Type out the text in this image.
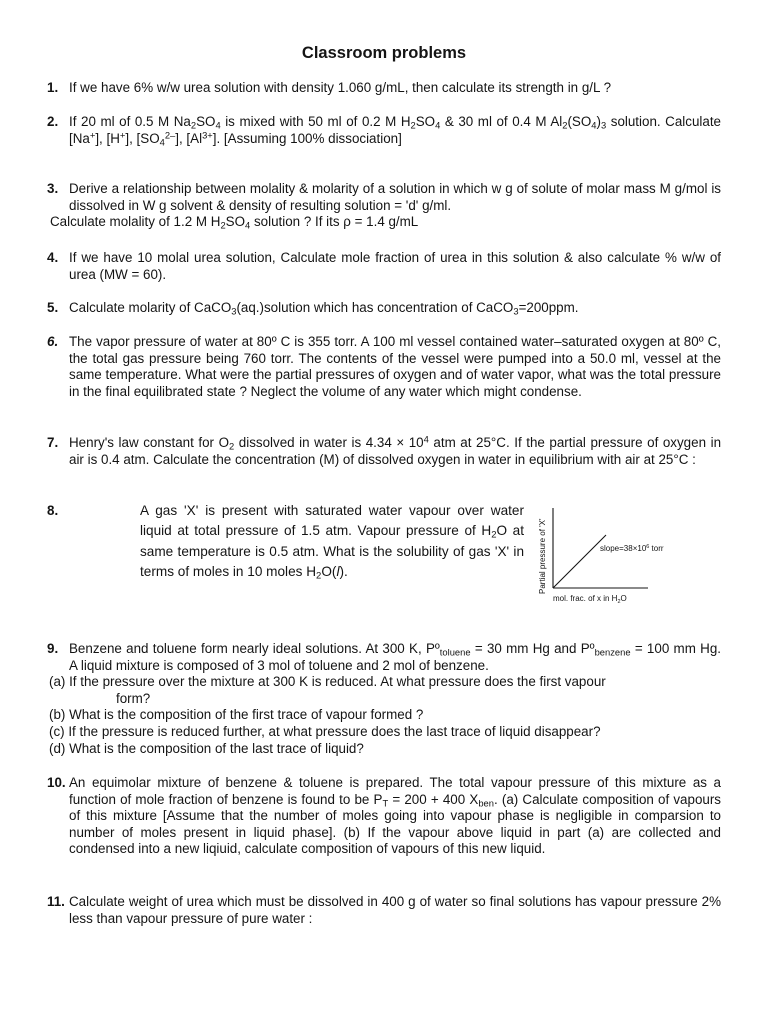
Classroom problems
1. If we have 6% w/w urea solution with density 1.060 g/mL, then calculate its strength in g/L ?
2. If 20 ml of 0.5 M $Na_2SO_4$ is mixed with 50 ml of 0.2 M $H_2SO_4$ & 30 ml of 0.4 M $Al_2(SO_4)_3$ solution. Calculate [Na+], [H+], $[SO_4^{2-}]$, $[Al^{3+}]$. [Assuming 100% dissociation]
3. Derive a relationship between molality & molarity of a solution in which w g of solute of molar mass M g/mol is dissolved in W g solvent & density of resulting solution = 'd' g/ml.
Calculate molality of 1.2 M $H_2SO_4$ solution ? If its ρ = 1.4 g/mL
4. If we have 10 molal urea solution, Calculate mole fraction of urea in this solution & also calculate % w/w of urea (MW = 60).
5. Calculate molarity of CaCO$_3$(aq.)solution which has concentration of CaCO$_3$=200ppm.
6. The vapor pressure of water at 80º C is 355 torr. A 100 ml vessel contained water–saturated oxygen at 80º C, the total gas pressure being 760 torr. The contents of the vessel were pumped into a 50.0 ml, vessel at the same temperature. What were the partial pressures of oxygen and of water vapor, what was the total pressure in the final equilibrated state ? Neglect the volume of any water which might condense.
7. Henry's law constant for $O_2$ dissolved in water is $4.34 \times 10^4$ atm at 25°C. If the partial pressure of oxygen in air is 0.4 atm. Calculate the concentration (M) of dissolved oxygen in water in equilibrium with air at 25°C :
8.	A gas 'X' is present with saturated water vapour over water liquid at total pressure of 1.5 atm. Vapour pressure of $H_2O$ at same temperature is 0.5 atm. What is the solubility of gas 'X' in terms of moles in 10 moles $H_2O(l)$.	Partial pressure of 'X'	$slope=38\times 10^6$ torr
mol. frac. of x in $H_2O$
9. Benzene and toluene form nearly ideal solutions. At 300 K, Pº$_{toluene}$ = 30 mm Hg and Pº$_{benzene}$ = 100 mm Hg. A liquid mixture is composed of 3 mol of toluene and 2 mol of benzene.
(a) If the pressure over the mixture at 300 K is reduced. At what pressure does the first vapour
form?
(b) What is the composition of the first trace of vapour formed ?
(c) If the pressure is reduced further, at what pressure does the last trace of liquid disappear?
(d) What is the composition of the last trace of liquid?
10. An equimolar mixture of benzene & toluene is prepared. The total vapour pressure of this mixture as a function of mole fraction of benzene is found to be $P_T = 200 + 400$ $X_{ben}$. (a) Calculate composition of vapours of this mixture [Assume that the number of moles going into vapour phase is negligible in comparsion to number of moles present in liquid phase]. (b) If the vapour above liquid in part (a) are collected and condensed into a new liqiuid, calculate composition of vapours of this new liquid.
11. Calculate weight of urea which must be dissolved in 400 g of water so final solutions has vapour pressure 2% less than vapour pressure of pure water :
